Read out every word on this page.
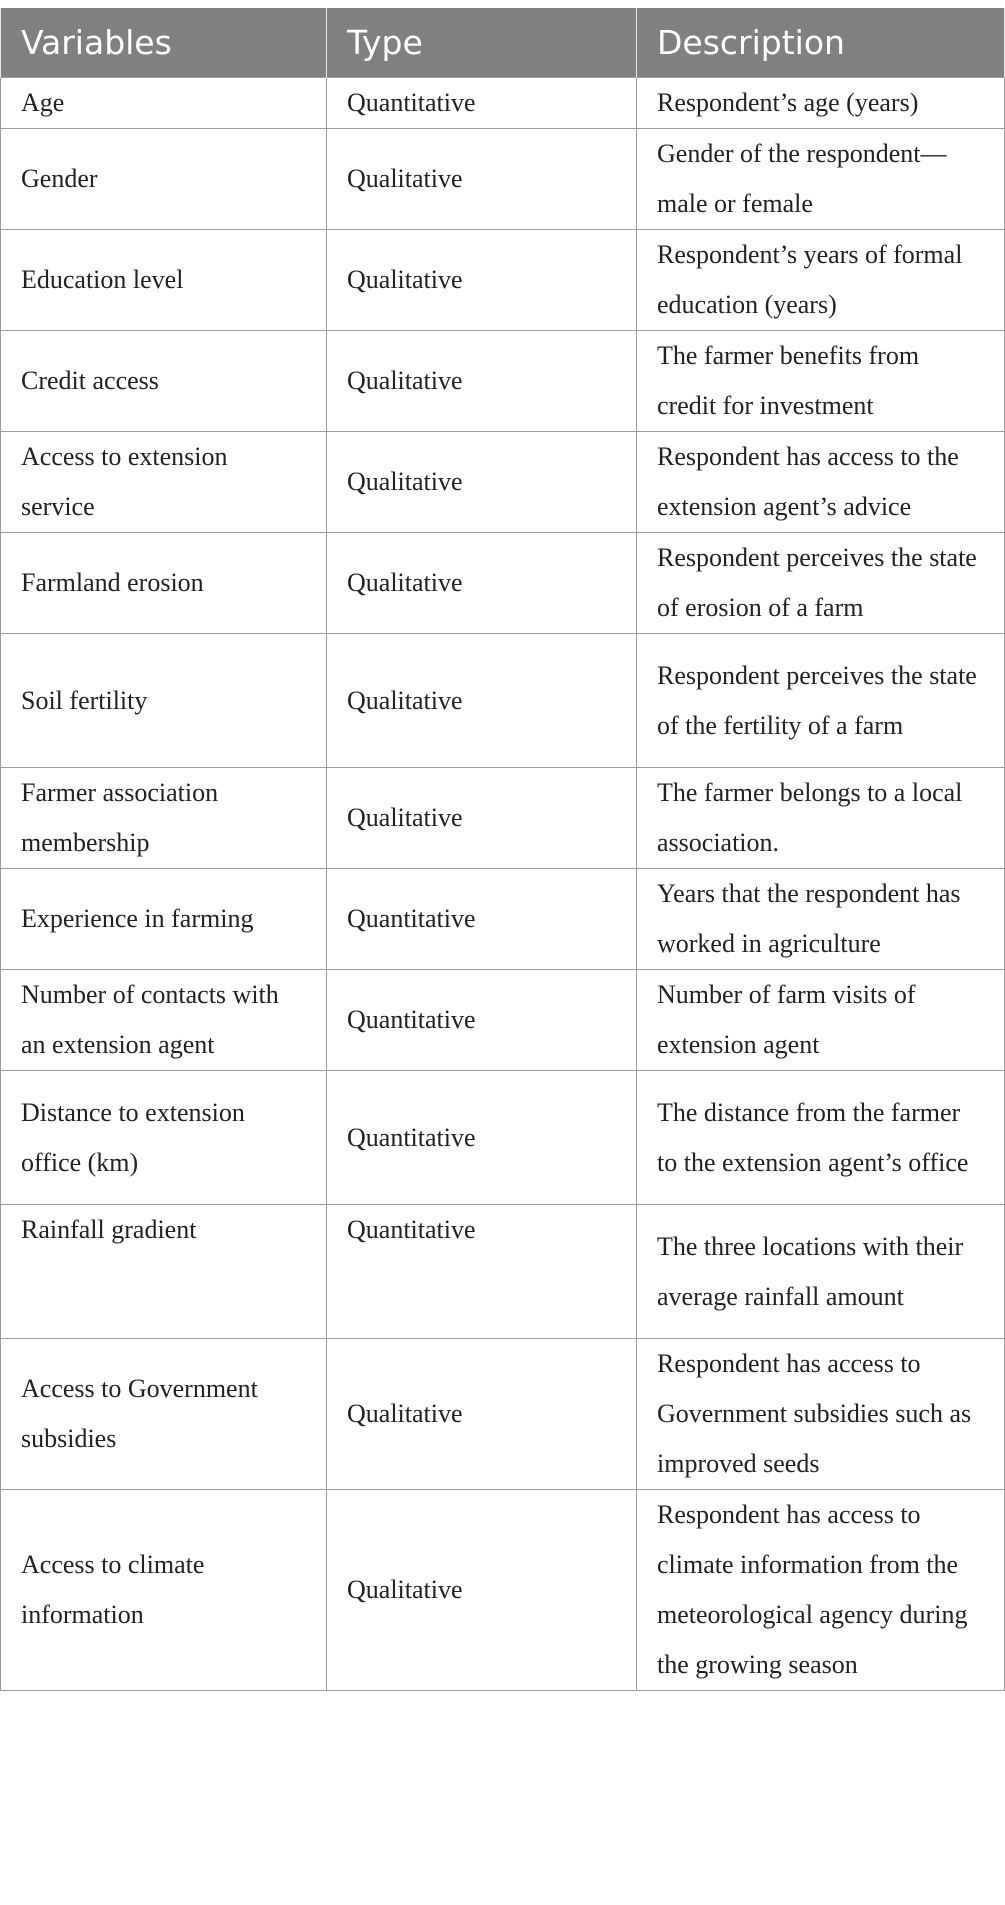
Variables	Type	Description
Age	Quantitative	Respondent’s age (years)
Gender	Qualitative	Gender of the respondent—male or female
Education level	Qualitative	Respondent’s years of formal education (years)
Credit access	Qualitative	The farmer benefits from credit for investment
Access to extension service	Qualitative	Respondent has access to the extension agent’s advice
Farmland erosion	Qualitative	Respondent perceives the state of erosion of a farm
Soil fertility	Qualitative	Respondent perceives the state of the fertility of a farm
Farmer association membership	Qualitative	The farmer belongs to a local association.
Experience in farming	Quantitative	Years that the respondent has worked in agriculture
Number of contacts with an extension agent	Quantitative	Number of farm visits of extension agent
Distance to extension office (km)	Quantitative	The distance from the farmer to the extension agent’s office
Rainfall gradient	Quantitative	The three locations with their average rainfall amount
Access to Government subsidies	Qualitative	Respondent has access to Government subsidies such as improved seeds
Access to climate information	Qualitative	Respondent has access to climate information from the meteorological agency during the growing season
